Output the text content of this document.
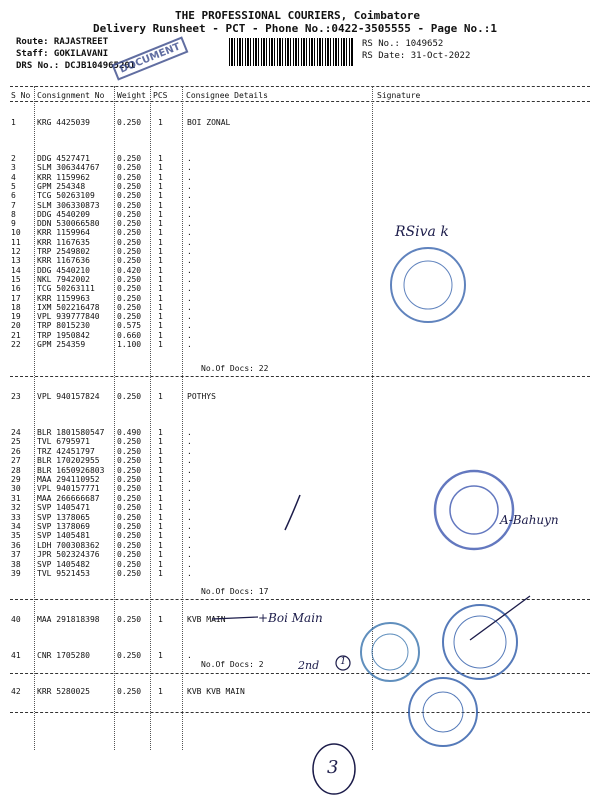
THE PROFESSIONAL COURIERS, Coimbatore
Delivery Runsheet - PCT - Phone No.:0422-3505555 - Page No.:1
Route: RAJASTREET
Staff: GOKILAVANI
DRS No.: DCJB104965201
RS No.: 1049652
RS Date: 31-Oct-2022
DOCUMENT
S No Consignment No Weight PCS Consignee Details	Signature
1	KRG 4425039	0.250 1	BOI ZONAL
2	DDG 4527471	0.250 1	.
3	SLM 306344767 0.250 1	.
4	KRR 1159962	0.250 1	.
5	GPM 254348	0.250 1	.
6	TCG 50263109	0.250 1	.
7	SLM 306330873 0.250 1	.
8	DDG 4540209	0.250 1	.
9	DDN 530066580 0.250 1	.
10 KRR 1159964	0.250 1	.
11 KRR 1167635	0.250 1	.
12 TRP 2549802	0.250 1	.
13 KRR 1167636	0.250 1	.
14 DDG 4540210	0.420 1	.
15 NKL 7942002	0.250 1	.
16 TCG 50263111	0.250 1	.
17 KRR 1159963	0.250 1	.
18 IXM 502216478 0.250 1	.
19 VPL 939777840 0.250 1	.
20 TRP 8015230	0.575 1	.
21 TRP 1950842	0.660 1	.
22 GPM 254359	1.100 1	.
No.Of Docs: 22
23 VPL 940157824 0.250 1	POTHYS
24 BLR 1801580547 0.490 1	.
25 TVL 6795971	0.250 1	.
26 TRZ 42451797	0.250 1	.
27 BLR 170202955 0.250 1	.
28 BLR 1650926803 0.250 1	.
29 MAA 294110952 0.250 1	.
30 VPL 940157771 0.250 1	.
31 MAA 266666687 0.250 1	.
32 SVP 1405471	0.250 1	.
33 SVP 1378065	0.250 1	.
34 SVP 1378069	0.250 1	.
35 SVP 1405481	0.250 1	.
36 LDH 700308362 0.250 1	.
37 JPR 502324376 0.250 1	.
38 SVP 1405482	0.250 1	.
39 TVL 9521453	0.250 1	.
No.Of Docs: 17
40 MAA 291818398 0.250 1	KVB MAIN
41 CNR 1705280	0.250 1	.
No.Of Docs: 2
42 KRR 5280025	0.250 1	KVB KVB MAIN
RSiva k
A-Bahuyn
+Boi Main
2nd 1
3
